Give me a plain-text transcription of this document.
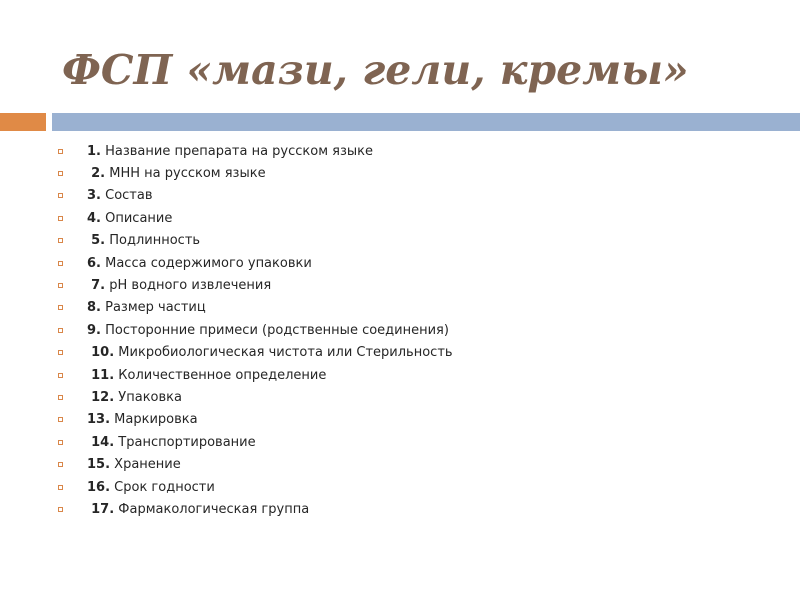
ФСП «мази, гели, кремы»
1. Название препарата на русском языке

2. МНН на русском языке
3. Состав
4. Описание

5. Подлинность
6. Масса содержимого упаковки

7. рН водного извлечения
8. Размер частиц
9. Посторонние примеси (родственные соединения)

10. Микробиологическая чистота или Стерильность

11. Количественное определение

12. Упаковка
13. Маркировка

14. Транспортирование
15. Хранение
16. Срок годности

17. Фармакологическая группа
